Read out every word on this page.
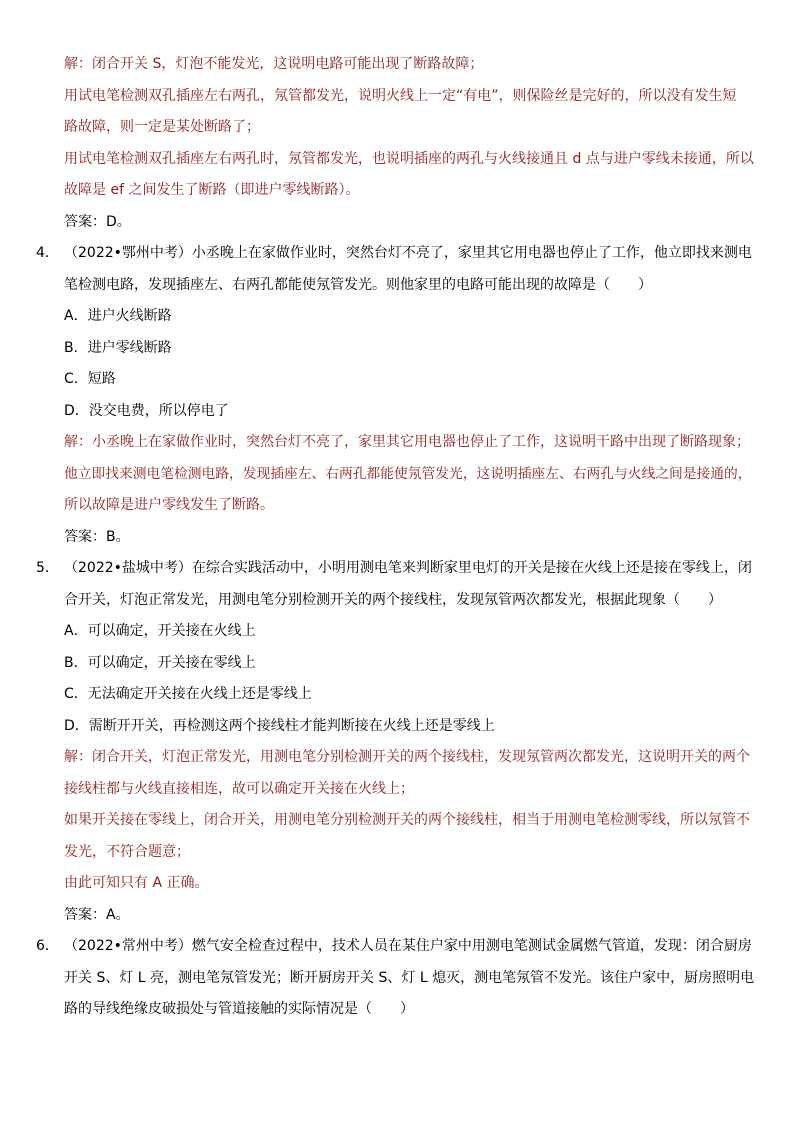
解：闭合开关 S，灯泡不能发光，这说明电路可能出现了断路故障；
用试电笔检测双孔插座左右两孔，氖管都发光，说明火线上一定“有电”，则保险丝是完好的，所以没有发生短
路故障，则一定是某处断路了；
用试电笔检测双孔插座左右两孔时，氖管都发光，也说明插座的两孔与火线接通且 d 点与进户零线未接通，所以
故障是 ef 之间发生了断路（即进户零线断路）。
答案：D。
4． （2022•鄂州中考）小丞晚上在家做作业时，突然台灯不亮了，家里其它用电器也停止了工作，他立即找来测电
笔检测电路，发现插座左、右两孔都能使氖管发光。则他家里的电路可能出现的故障是（　　）
A．进户火线断路
B．进户零线断路
C．短路
D．没交电费，所以停电了
解：小丞晚上在家做作业时，突然台灯不亮了，家里其它用电器也停止了工作，这说明干路中出现了断路现象；
他立即找来测电笔检测电路，发现插座左、右两孔都能使氖管发光，这说明插座左、右两孔与火线之间是接通的，
所以故障是进户零线发生了断路。
答案：B。
5． （2022•盐城中考）在综合实践活动中，小明用测电笔来判断家里电灯的开关是接在火线上还是接在零线上，闭
合开关，灯泡正常发光，用测电笔分别检测开关的两个接线柱，发现氖管两次都发光，根据此现象（　　）
A．可以确定，开关接在火线上
B．可以确定，开关接在零线上
C．无法确定开关接在火线上还是零线上
D．需断开开关，再检测这两个接线柱才能判断接在火线上还是零线上
解：闭合开关，灯泡正常发光，用测电笔分别检测开关的两个接线柱，发现氖管两次都发光，这说明开关的两个
接线柱都与火线直接相连，故可以确定开关接在火线上；
如果开关接在零线上，闭合开关，用测电笔分别检测开关的两个接线柱，相当于用测电笔检测零线，所以氖管不
发光，不符合题意；
由此可知只有 A 正确。
答案：A。
6． （2022•常州中考）燃气安全检查过程中，技术人员在某住户家中用测电笔测试金属燃气管道，发现：闭合厨房
开关 S、灯 L 亮，测电笔氖管发光；断开厨房开关 S、灯 L 熄灭，测电笔氖管不发光。该住户家中，厨房照明电
路的导线绝缘皮破损处与管道接触的实际情况是（　　）
